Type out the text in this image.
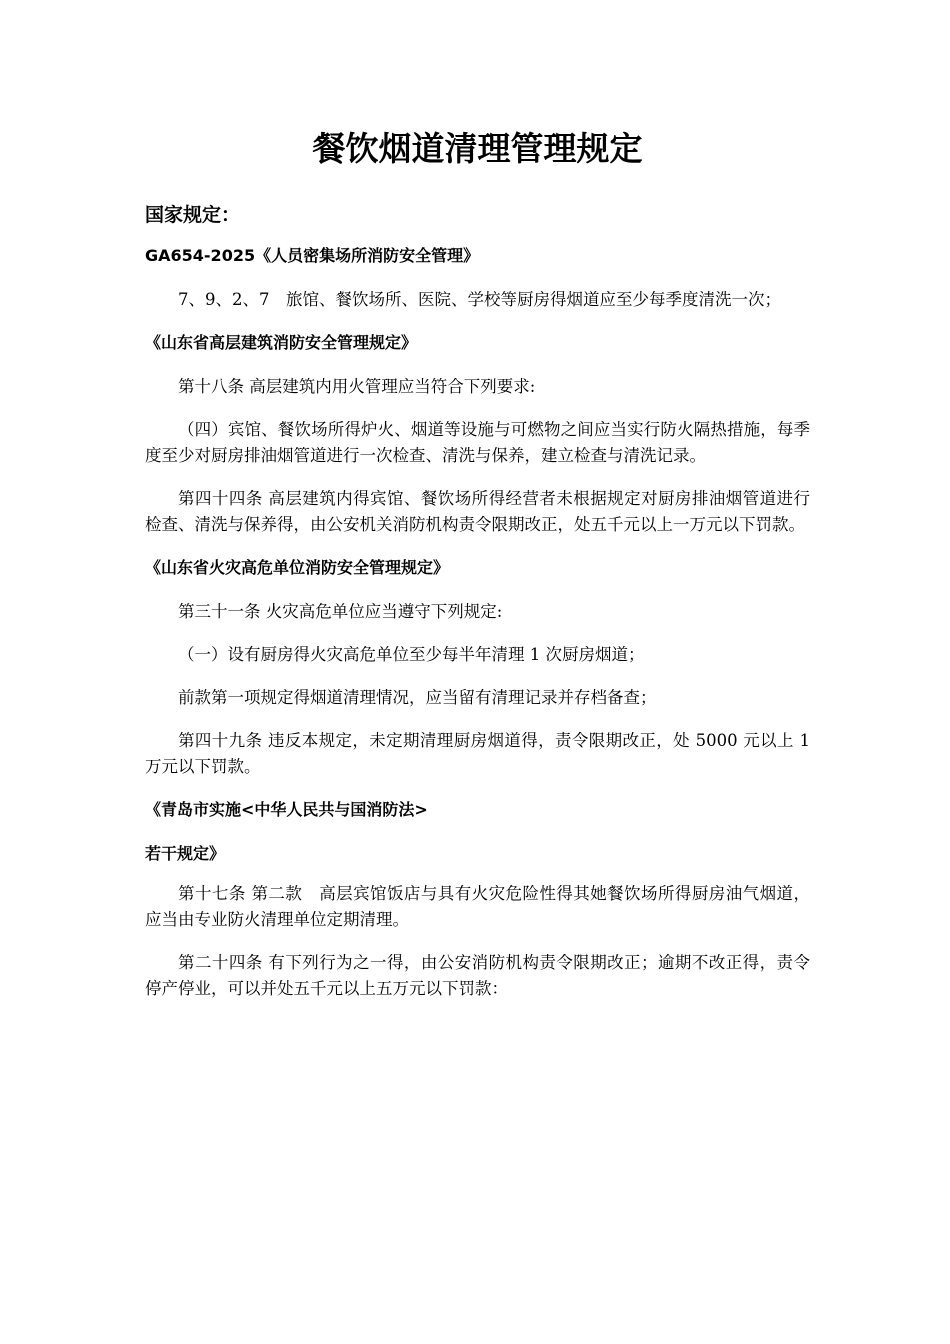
餐饮烟道清理管理规定
国家规定：
GA654-2025《人员密集场所消防安全管理》

7、9、2、7　旅馆、餐饮场所、医院、学校等厨房得烟道应至少每季度清洗一次；

《山东省高层建筑消防安全管理规定》

第十八条 高层建筑内用火管理应当符合下列要求:

（四）宾馆、餐饮场所得炉火、烟道等设施与可燃物之间应当实行防火隔热措施，每季度至少对厨房排油烟管道进行一次检查、清洗与保养，建立检查与清洗记录。

第四十四条 高层建筑内得宾馆、餐饮场所得经营者未根据规定对厨房排油烟管道进行检查、清洗与保养得，由公安机关消防机构责令限期改正，处五千元以上一万元以下罚款。

《山东省火灾高危单位消防安全管理规定》

第三十一条 火灾高危单位应当遵守下列规定:

（一）设有厨房得火灾高危单位至少每半年清理 1 次厨房烟道；

前款第一项规定得烟道清理情况，应当留有清理记录并存档备查；

第四十九条 违反本规定，未定期清理厨房烟道得，责令限期改正，处 5000 元以上 1 万元以下罚款。

《青岛市实施<中华人民共与国消防法>
若干规定》

第十七条 第二款　高层宾馆饭店与具有火灾危险性得其她餐饮场所得厨房油气烟道，应当由专业防火清理单位定期清理。

第二十四条 有下列行为之一得，由公安消防机构责令限期改正；逾期不改正得，责令停产停业，可以并处五千元以上五万元以下罚款：
